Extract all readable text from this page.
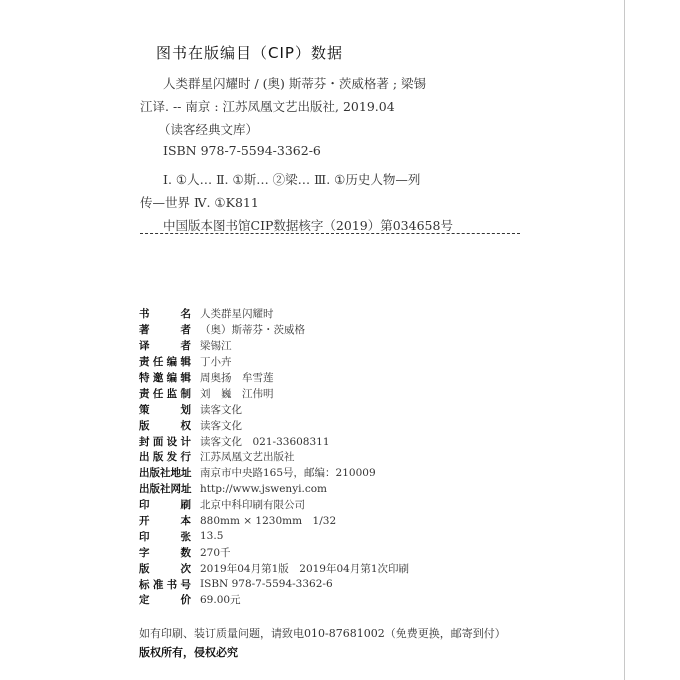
图书在版编目（CIP）数据
人类群星闪耀时 / (奥) 斯蒂芬・茨威格著 ; 梁锡
江译. -- 南京 : 江苏凤凰文艺出版社, 2019.04
（读客经典文库）
ISBN 978-7-5594-3362-6
Ⅰ. ①人… Ⅱ. ①斯… ②梁… Ⅲ. ①历史人物—列
传—世界 Ⅳ. ①K811
中国版本图书馆CIP数据核字（2019）第034658号
书名 人类群星闪耀时
著者 （奥）斯蒂芬・茨威格
译者 梁锡江
责任编辑 丁小卉
特邀编辑 周奥扬　牟雪莲
责任监制 刘　巍　江伟明
策划 读客文化
版权 读客文化
封面设计 读客文化　021-33608311
出版发行 江苏凤凰文艺出版社
出版社地址 南京市中央路165号，邮编：210009
出版社网址 http://www.jswenyi.com
印刷 北京中科印刷有限公司
开本 880mm × 1230mm　1/32
印张 13.5
字数 270千
版次 2019年04月第1版　2019年04月第1次印刷
标准书号 ISBN 978-7-5594-3362-6
定价 69.00元
如有印刷、装订质量问题，请致电010-87681002（免费更换，邮寄到付）
版权所有，侵权必究
